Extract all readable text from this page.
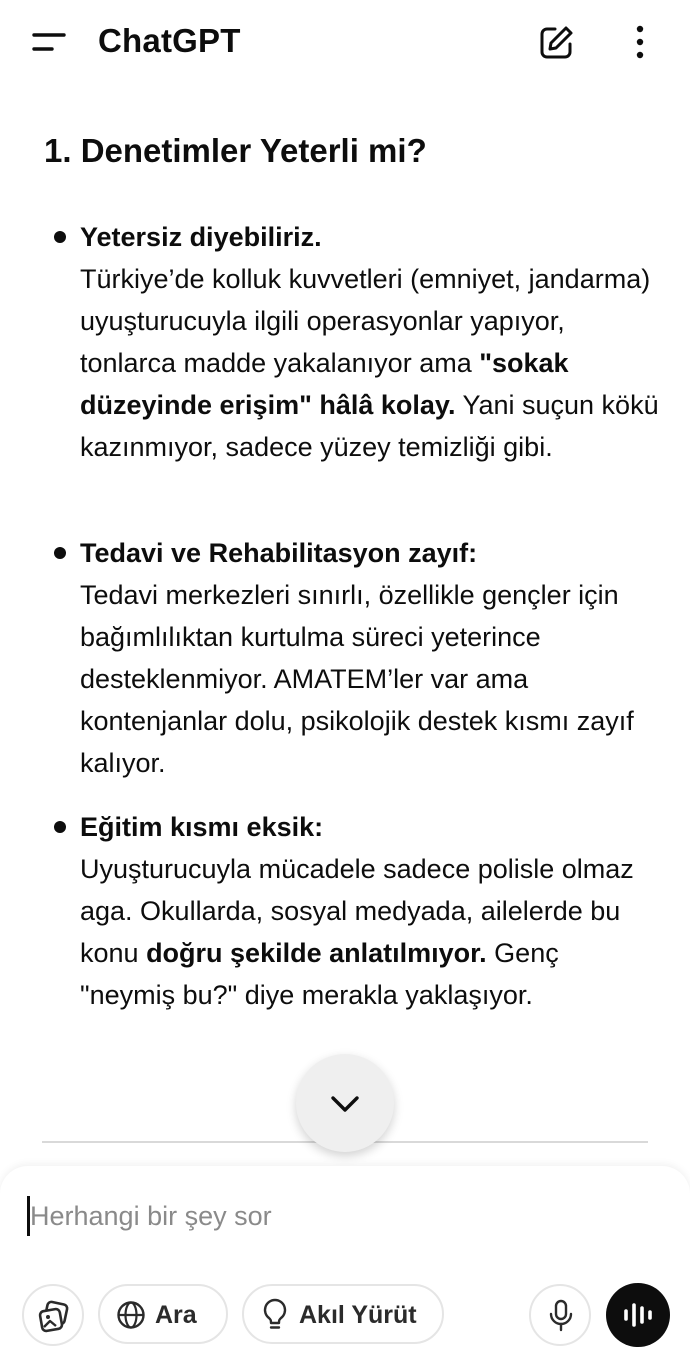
ChatGPT
1. Denetimler Yeterli mi?
Yetersiz diyebiliriz.
Türkiye’de kolluk kuvvetleri (emniyet, jandarma) uyuşturucuyla ilgili operasyonlar yapıyor, tonlarca madde yakalanıyor ama "sokak düzeyinde erişim" hâlâ kolay. Yani suçun kökü kazınmıyor, sadece yüzey temizliği gibi.
Tedavi ve Rehabilitasyon zayıf:
Tedavi merkezleri sınırlı, özellikle gençler için bağımlılıktan kurtulma süreci yeterince desteklenmiyor. AMATEM’ler var ama kontenjanlar dolu, psikolojik destek kısmı zayıf kalıyor.
Eğitim kısmı eksik:
Uyuşturucuyla mücadele sadece polisle olmaz aga. Okullarda, sosyal medyada, ailelerde bu konu doğru şekilde anlatılmıyor. Genç "neymiş bu?" diye merakla yaklaşıyor.
Herhangi bir şey sor
Ara	Akıl Yürüt
